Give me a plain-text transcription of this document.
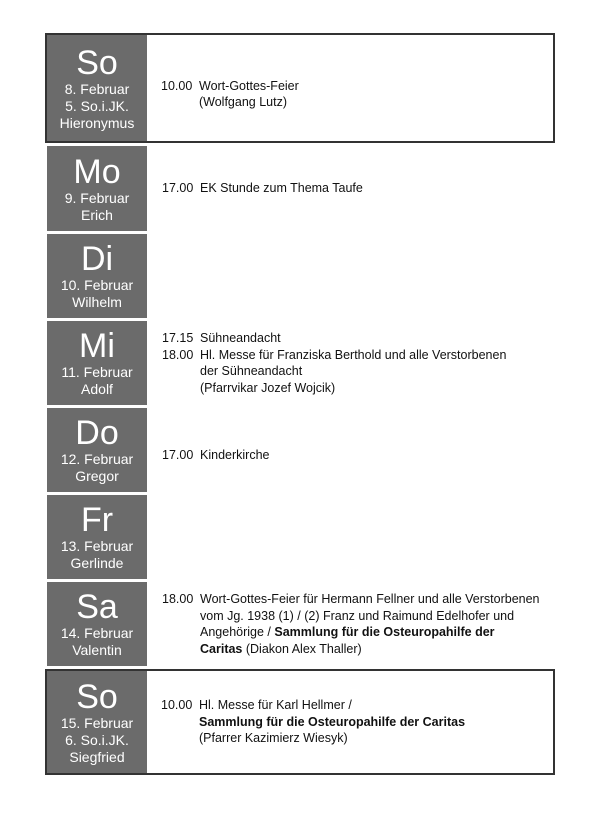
So
8. Februar
5. So.i.JK.
Hieronymus
10.00 Wort-Gottes-Feier
(Wolfgang Lutz)
Mo
9. Februar
Erich
17.00 EK Stunde zum Thema Taufe
Di
10. Februar
Wilhelm
Mi
11. Februar
Adolf
17.15 Sühneandacht
18.00 Hl. Messe für Franziska Berthold und alle Verstorbenen
der Sühneandacht
(Pfarrvikar Jozef Wojcik)
Do
12. Februar
Gregor
17.00 Kinderkirche
Fr
13. Februar
Gerlinde
Sa
14. Februar
Valentin
18.00 Wort-Gottes-Feier für Hermann Fellner und alle Verstorbenen
vom Jg. 1938 (1) / (2) Franz und Raimund Edelhofer und
Angehörige / Sammlung für die Osteuropahilfe der
Caritas (Diakon Alex Thaller)
So
15. Februar
6. So.i.JK.
Siegfried
10.00 Hl. Messe für Karl Hellmer /
Sammlung für die Osteuropahilfe der Caritas
(Pfarrer Kazimierz Wiesyk)
